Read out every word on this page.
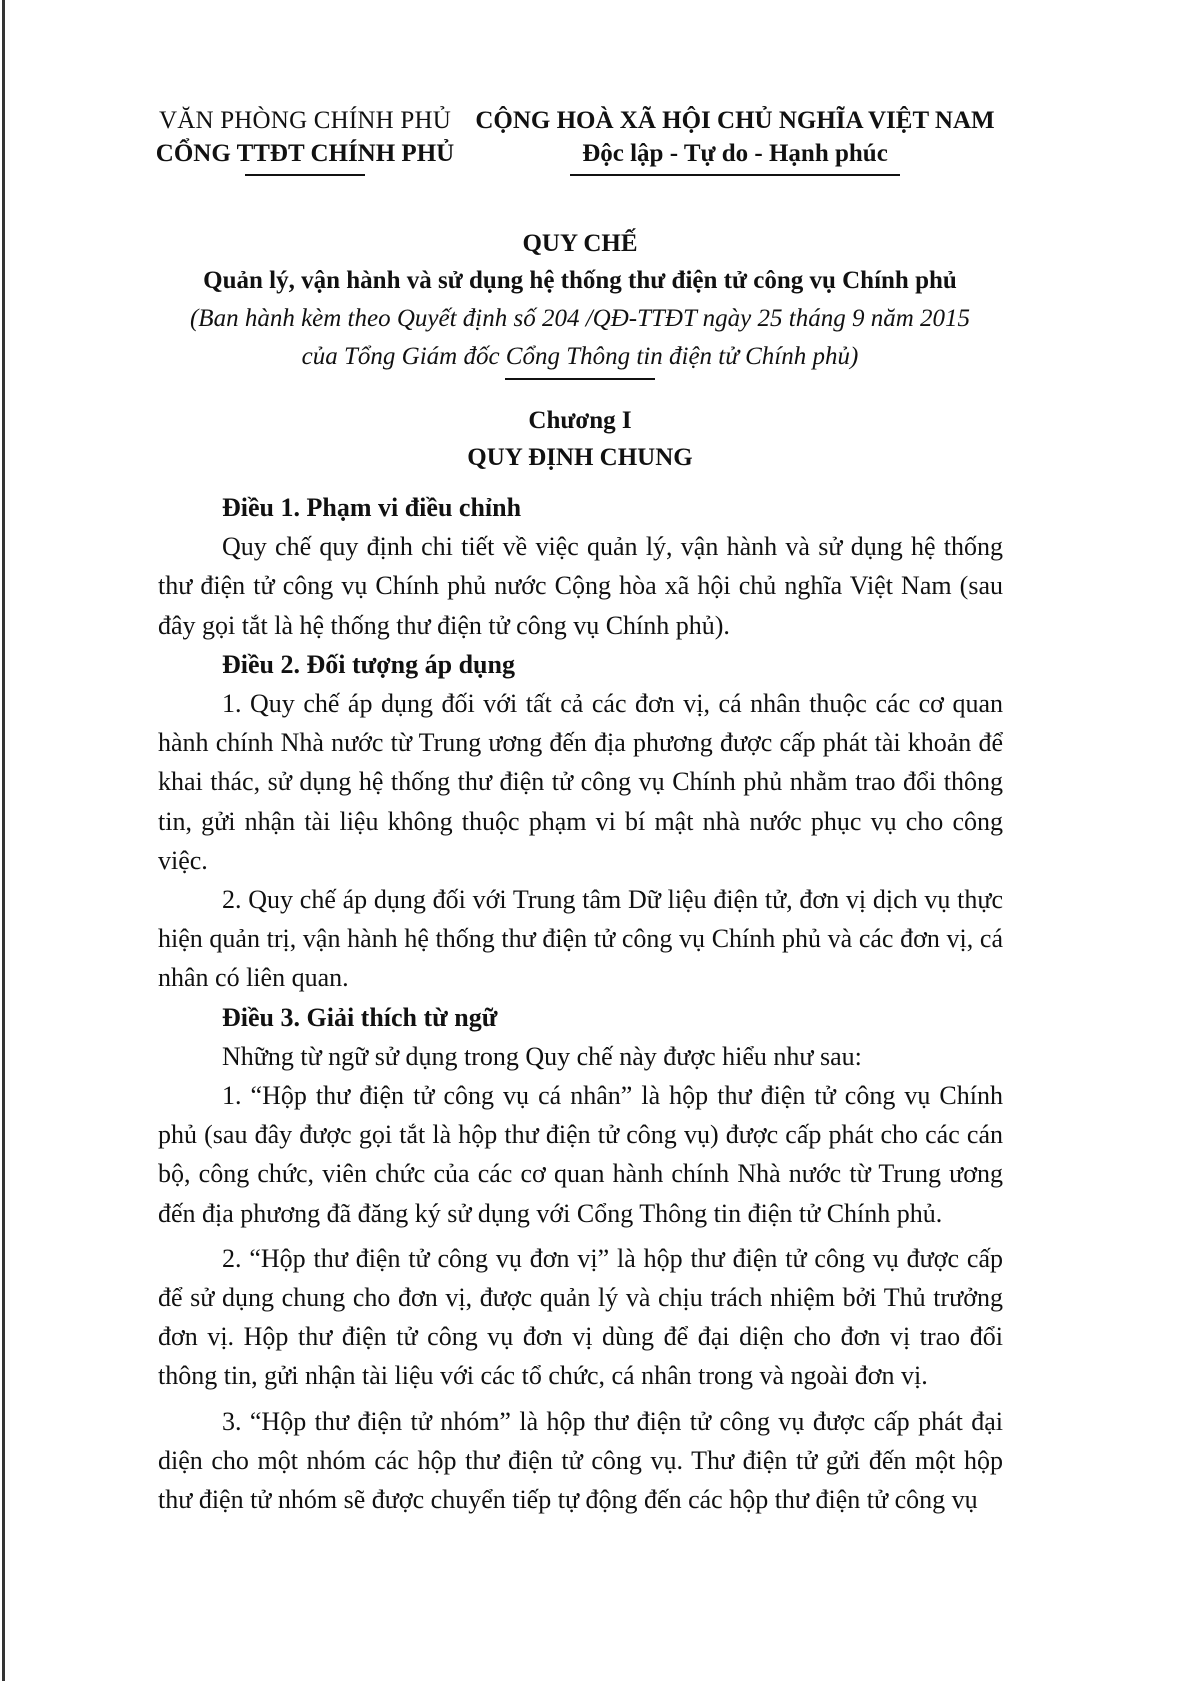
VĂN PHÒNG CHÍNH PHỦ
CỔNG TTĐT CHÍNH PHỦ
CỘNG HOÀ XÃ HỘI CHỦ NGHĨA VIỆT NAM
Độc lập - Tự do - Hạnh phúc
QUY CHẾ
Quản lý, vận hành và sử dụng hệ thống thư điện tử công vụ Chính phủ
(Ban hành kèm theo Quyết định số 204 /QĐ-TTĐT ngày 25 tháng 9 năm 2015
của Tổng Giám đốc Cổng Thông tin điện tử Chính phủ)
Chương I
QUY ĐỊNH CHUNG

Điều 1. Phạm vi điều chỉnh

Quy chế quy định chi tiết về việc quản lý, vận hành và sử dụng hệ thống thư điện tử công vụ Chính phủ nước Cộng hòa xã hội chủ nghĩa Việt Nam (sau đây gọi tắt là hệ thống thư điện tử công vụ Chính phủ).

Điều 2. Đối tượng áp dụng

1. Quy chế áp dụng đối với tất cả các đơn vị, cá nhân thuộc các cơ quan hành chính Nhà nước từ Trung ương đến địa phương được cấp phát tài khoản để khai thác, sử dụng hệ thống thư điện tử công vụ Chính phủ nhằm trao đổi thông tin, gửi nhận tài liệu không thuộc phạm vi bí mật nhà nước phục vụ cho công việc.

2. Quy chế áp dụng đối với Trung tâm Dữ liệu điện tử, đơn vị dịch vụ thực hiện quản trị, vận hành hệ thống thư điện tử công vụ Chính phủ và các đơn vị, cá nhân có liên quan.

Điều 3. Giải thích từ ngữ

Những từ ngữ sử dụng trong Quy chế này được hiểu như sau:

1. “Hộp thư điện tử công vụ cá nhân” là hộp thư điện tử công vụ Chính phủ (sau đây được gọi tắt là hộp thư điện tử công vụ) được cấp phát cho các cán bộ, công chức, viên chức của các cơ quan hành chính Nhà nước từ Trung ương đến địa phương đã đăng ký sử dụng với Cổng Thông tin điện tử Chính phủ.

2. “Hộp thư điện tử công vụ đơn vị” là hộp thư điện tử công vụ được cấp để sử dụng chung cho đơn vị, được quản lý và chịu trách nhiệm bởi Thủ trưởng đơn vị. Hộp thư điện tử công vụ đơn vị dùng để đại diện cho đơn vị trao đổi thông tin, gửi nhận tài liệu với các tổ chức, cá nhân trong và ngoài đơn vị.

3. “Hộp thư điện tử nhóm” là hộp thư điện tử công vụ được cấp phát đại diện cho một nhóm các hộp thư điện tử công vụ. Thư điện tử gửi đến một hộp thư điện tử nhóm sẽ được chuyển tiếp tự động đến các hộp thư điện tử công vụ
